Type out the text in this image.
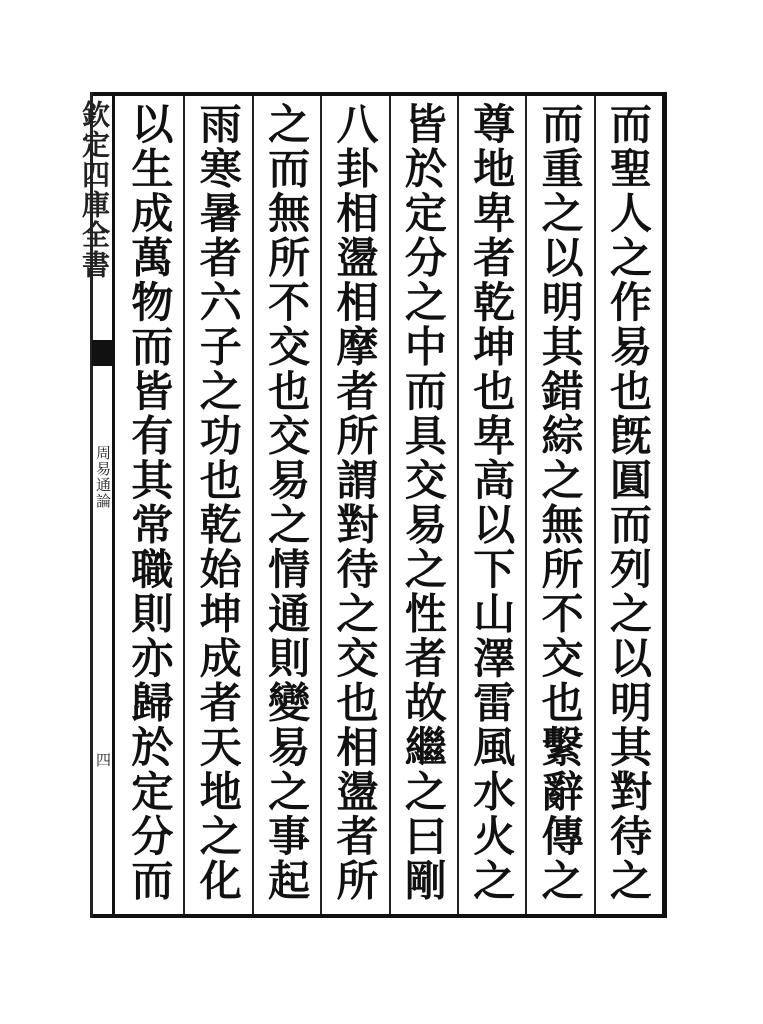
欽定四庫全書
周易通論
四
而聖人之作易也旣圓而列之以明其對待之
而重之以明其錯綜之無所不交也繫辭傳之
尊地卑者乾坤也卑高以下山澤雷風水火之
皆於定分之中而具交易之性者故繼之曰剛
八卦相盪相摩者所謂對待之交也相盪者所
之而無所不交也交易之情通則變易之事起
雨寒暑者六子之功也乾始坤成者天地之化
以生成萬物而皆有其常職則亦歸於定分而
